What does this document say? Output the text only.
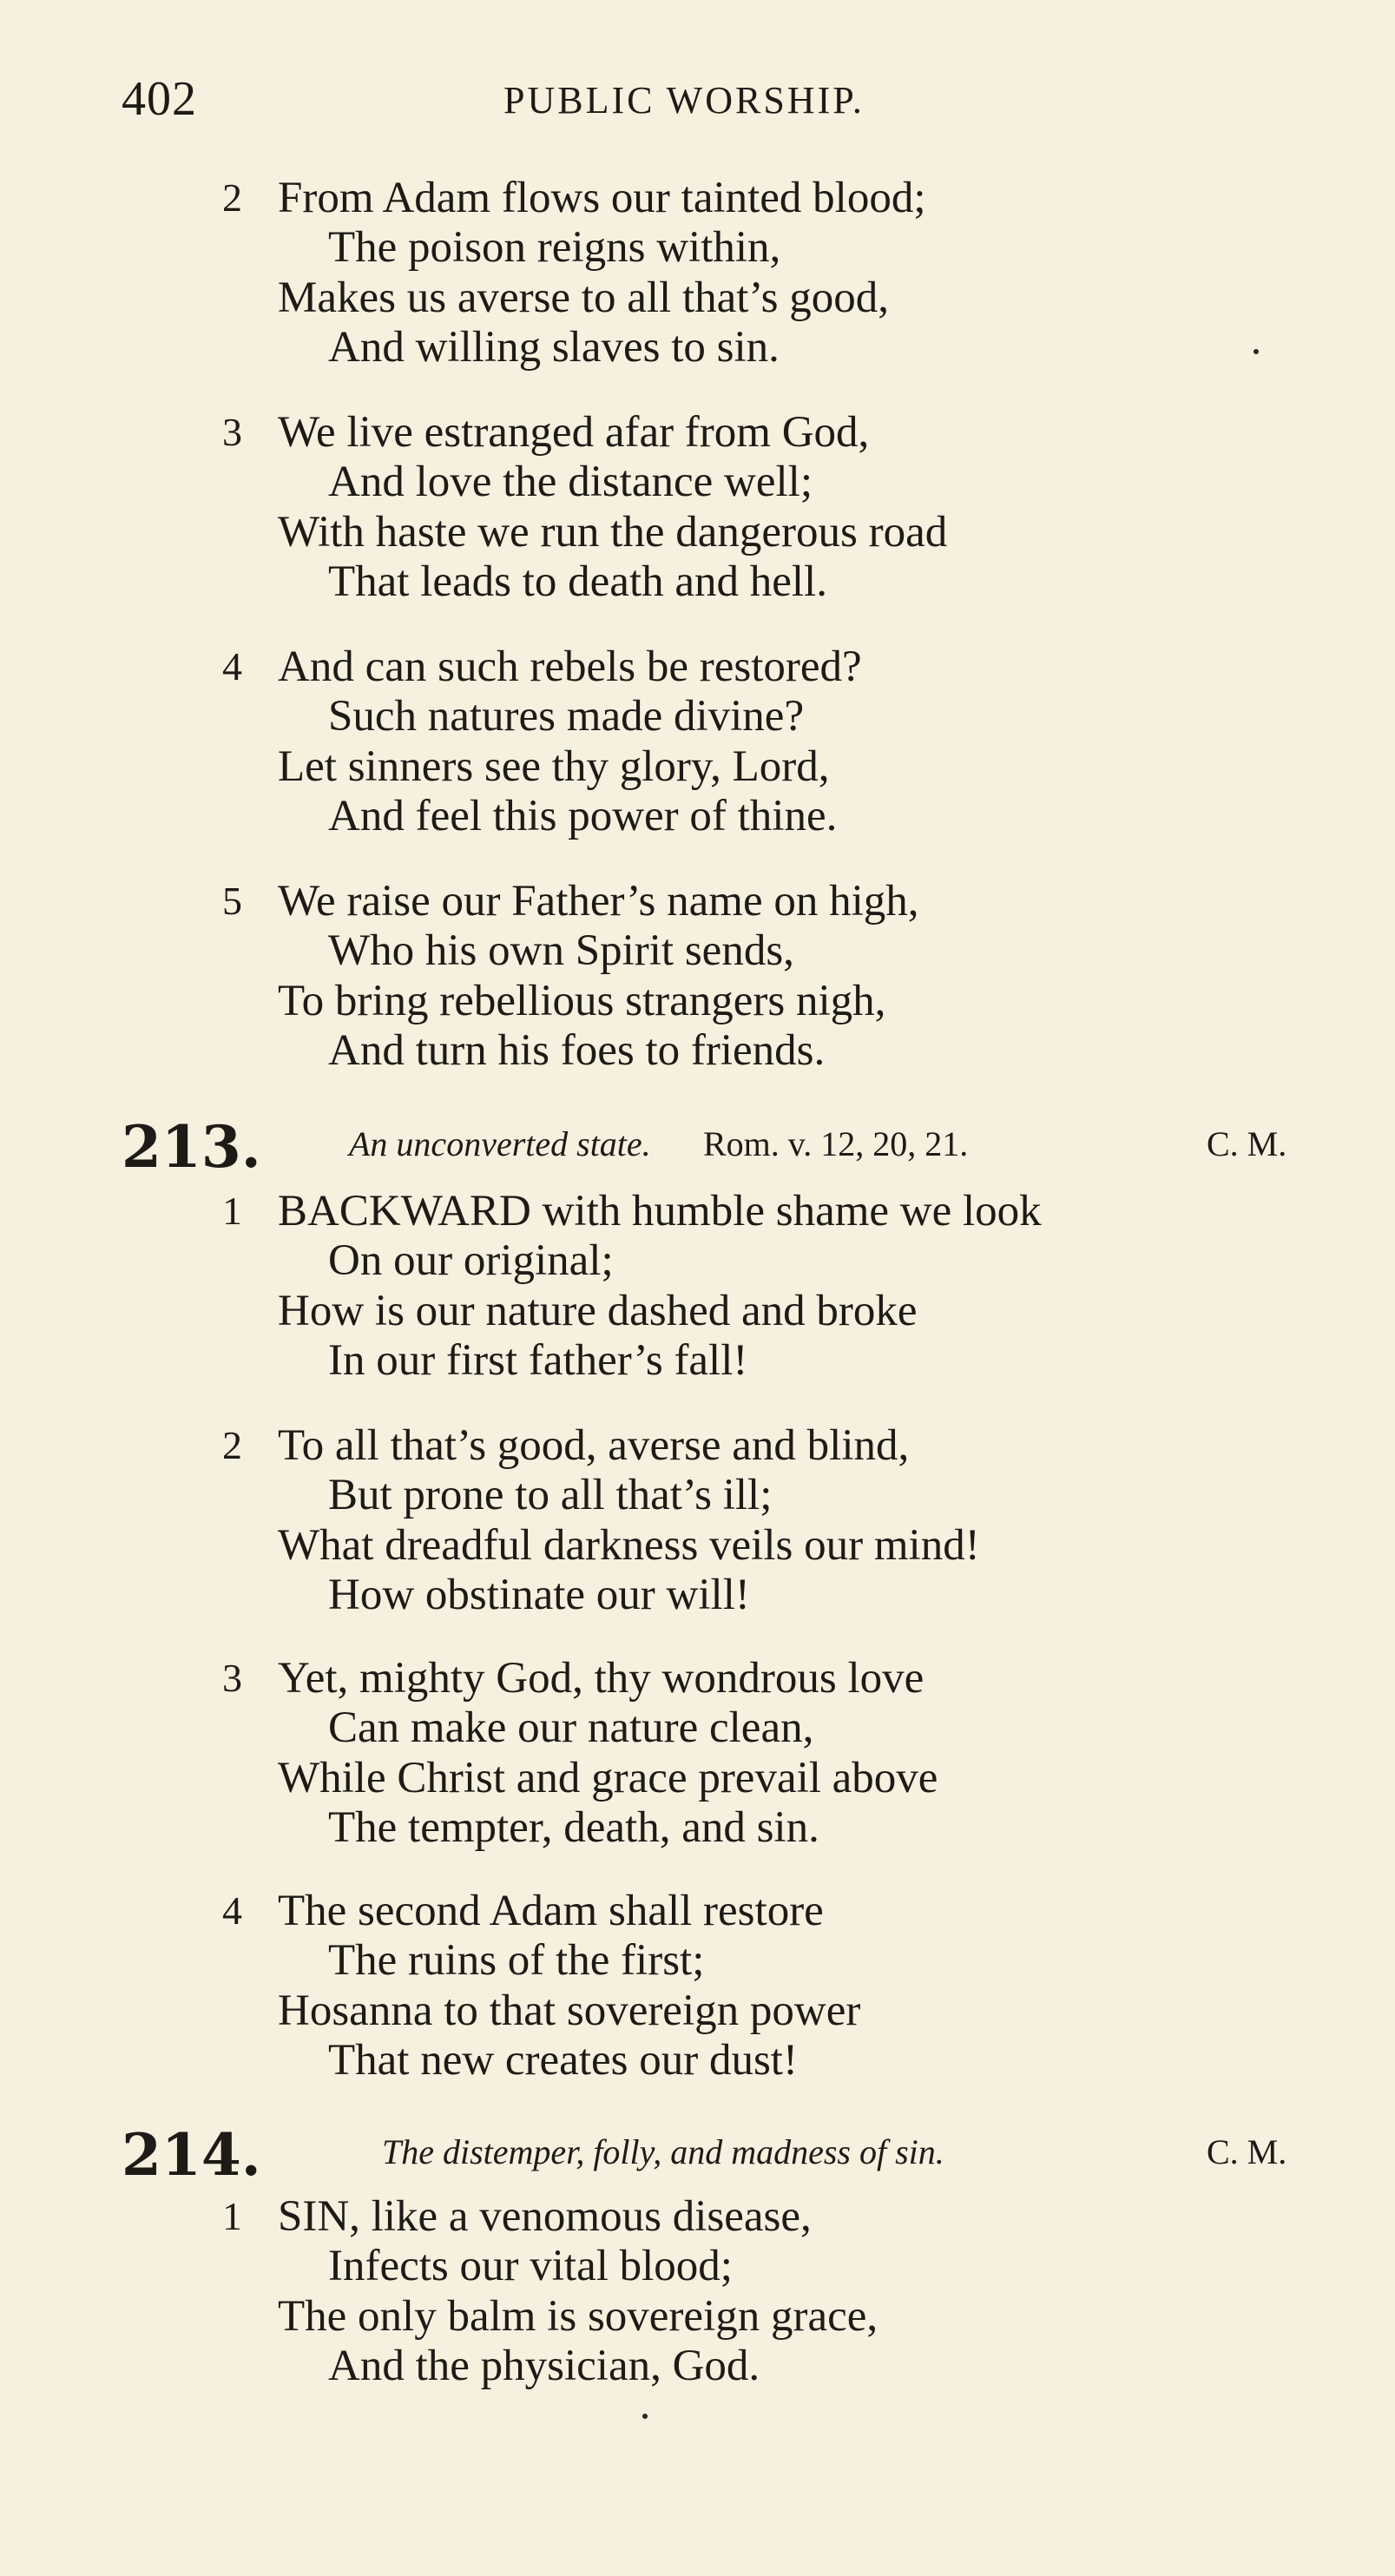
402	PUBLIC WORSHIP.
2 From Adam flows our tainted blood;
The poison reigns within,
Makes us averse to all that’s good,
And willing slaves to sin.
3 We live estranged afar from God,
And love the distance well;
With haste we run the dangerous road
That leads to death and hell.
4 And can such rebels be restored?
Such natures made divine?
Let sinners see thy glory, Lord,
And feel this power of thine.
5 We raise our Father’s name on high,
Who his own Spirit sends,
To bring rebellious strangers nigh,
And turn his foes to friends.
213.	An unconverted state. Rom. v. 12, 20, 21.	C. M.
1 BACKWARD with humble shame we look
On our original;
How is our nature dashed and broke
In our first father’s fall!
2 To all that’s good, averse and blind,
But prone to all that’s ill;
What dreadful darkness veils our mind!
How obstinate our will!
3 Yet, mighty God, thy wondrous love
Can make our nature clean,
While Christ and grace prevail above
The tempter, death, and sin.
4 The second Adam shall restore
The ruins of the first;
Hosanna to that sovereign power
That new creates our dust!
214.	The distemper, folly, and madness of sin.	C. M.
1 SIN, like a venomous disease,
Infects our vital blood;
The only balm is sovereign grace,
And the physician, God.
